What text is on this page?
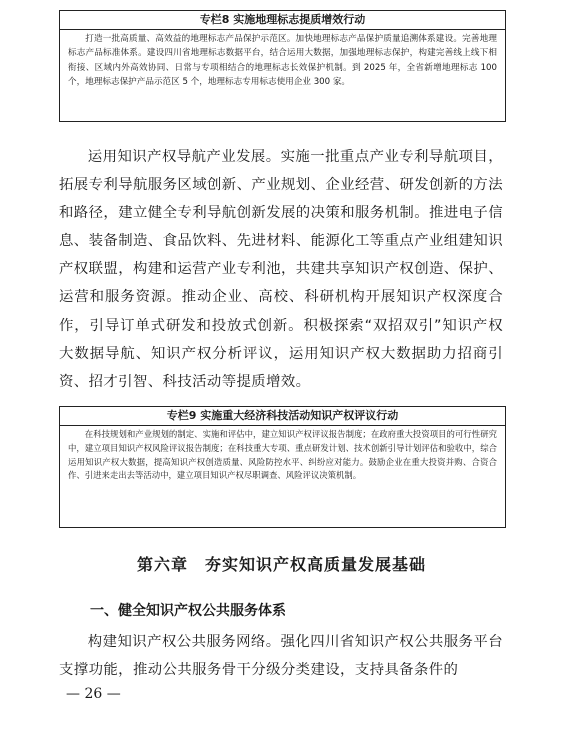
专栏8 实施地理标志提质增效行动
打造一批高质量、高效益的地理标志产品保护示范区。加快地理标志产品保护质量追溯体系建设。完善地理标志产品标准体系。建设四川省地理标志数据平台，结合运用大数据，加强地理标志保护，构建完善线上线下相衔接、区域内外高效协同、日常与专项相结合的地理标志长效保护机制。到 2025 年，全省新增地理标志 100 个，地理标志保护产品示范区 5 个，地理标志专用标志使用企业 300 家。

运用知识产权导航产业发展。实施一批重点产业专利导航项目，拓展专利导航服务区域创新、产业规划、企业经营、研发创新的方法和路径，建立健全专利导航创新发展的决策和服务机制。推进电子信息、装备制造、食品饮料、先进材料、能源化工等重点产业组建知识产权联盟，构建和运营产业专利池，共建共享知识产权创造、保护、运营和服务资源。推动企业、高校、科研机构开展知识产权深度合作，引导订单式研发和投放式创新。积极探索“双招双引”知识产权大数据导航、知识产权分析评议，运用知识产权大数据助力招商引资、招才引智、科技活动等提质增效。

专栏9 实施重大经济科技活动知识产权评议行动
在科技规划和产业规划的制定、实施和评估中，建立知识产权评议报告制度；在政府重大投资项目的可行性研究中，建立项目知识产权风险评议报告制度；在科技重大专项、重点研发计划、技术创新引导计划评估和验收中，综合运用知识产权大数据，提高知识产权创造质量、风险防控水平、纠纷应对能力。鼓励企业在重大投资并购、合资合作、引进来走出去等活动中，建立项目知识产权尽职调查、风险评议决策机制。
第六章　夯实知识产权高质量发展基础
一、健全知识产权公共服务体系

构建知识产权公共服务网络。强化四川省知识产权公共服务平台支撑功能，推动公共服务骨干分级分类建设，支持具备条件的

— 26 —
